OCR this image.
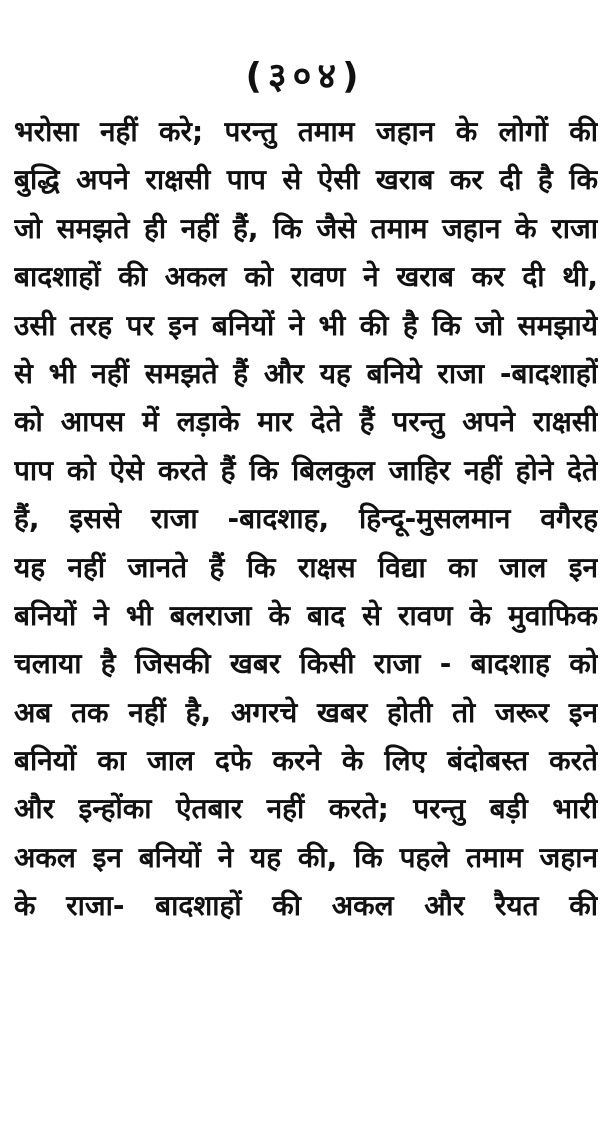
(३०४)
भरोसा नहीं करे; परन्तु तमाम जहान के लोगों की
बुद्धि अपने राक्षसी पाप से ऐसी खराब कर दी है कि
जो समझते ही नहीं हैं, कि जैसे तमाम जहान के राजा
बादशाहों की अकल को रावण ने खराब कर दी थी,
उसी तरह पर इन बनियों ने भी की है कि जो समझाये
से भी नहीं समझते हैं और यह बनिये राजा -बादशाहों
को आपस में लड़ाके मार देते हैं परन्तु अपने राक्षसी
पाप को ऐसे करते हैं कि बिलकुल जाहिर नहीं होने देते
हैं, इससे राजा -बादशाह, हिन्दू-मुसलमान वगैरह
यह नहीं जानते हैं कि राक्षस विद्या का जाल इन
बनियों ने भी बलराजा के बाद से रावण के मुवाफिक
चलाया है जिसकी खबर किसी राजा - बादशाह को
अब तक नहीं है, अगरचे खबर होती तो जरूर इन
बनियों का जाल दफे करने के लिए बंदोबस्त करते
और इन्होंका ऐतबार नहीं करते; परन्तु बड़ी भारी
अकल इन बनियों ने यह की, कि पहले तमाम जहान
के राजा- बादशाहों की अकल और रैयत की
